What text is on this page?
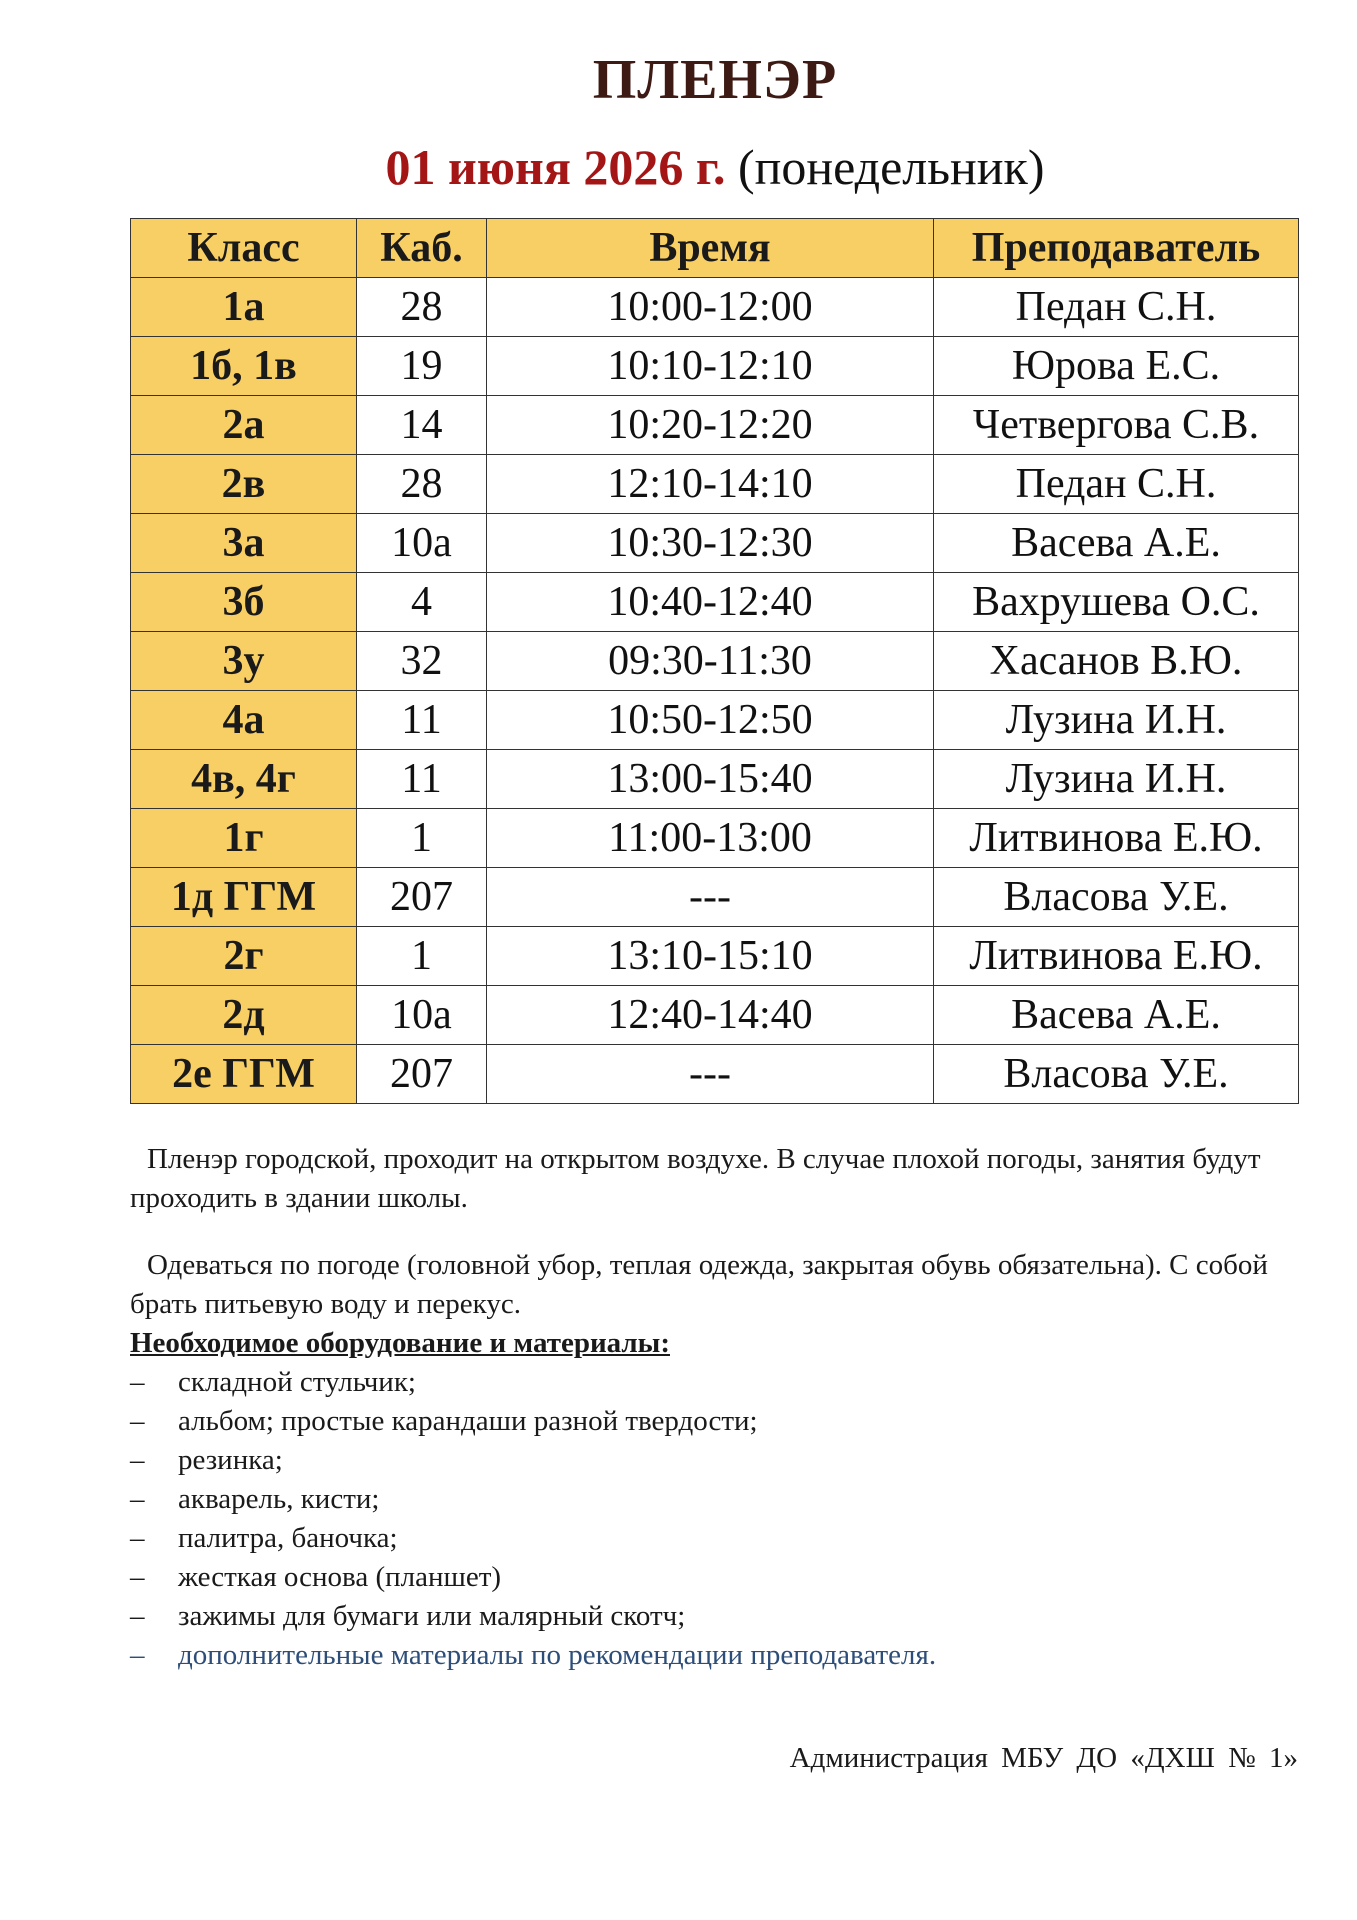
ПЛЕНЭР
01 июня 2026 г. (понедельник)
Класс	Каб.	Время	Преподаватель
1а	28	10:00-12:00	Педан С.Н.
1б, 1в	19	10:10-12:10	Юрова Е.С.
2а	14	10:20-12:20	Четвергова С.В.
2в	28	12:10-14:10	Педан С.Н.
3а	10а	10:30-12:30	Васева А.Е.
3б	4	10:40-12:40	Вахрушева О.С.
3у	32	09:30-11:30	Хасанов В.Ю.
4а	11	10:50-12:50	Лузина И.Н.
4в, 4г	11	13:00-15:40	Лузина И.Н.
1г	1	11:00-13:00	Литвинова Е.Ю.
1д ГГМ	207	---	Власова У.Е.
2г	1	13:10-15:10	Литвинова Е.Ю.
2д	10а	12:40-14:40	Васева А.Е.
2е ГГМ	207	---	Власова У.Е.

Пленэр городской, проходит на открытом воздухе. В случае плохой погоды, занятия будут проходить в здании школы.

Одеваться по погоде (головной убор, теплая одежда, закрытая обувь обязательна). С собой брать питьевую воду и перекус.

Необходимое оборудование и материалы:

– складной стульчик;
– альбом; простые карандаши разной твердости;
– резинка;
– акварель, кисти;
– палитра, баночка;
– жесткая основа (планшет)
– зажимы для бумаги или малярный скотч;
– дополнительные материалы по рекомендации преподавателя.
Администрация МБУ ДО «ДХШ № 1»
